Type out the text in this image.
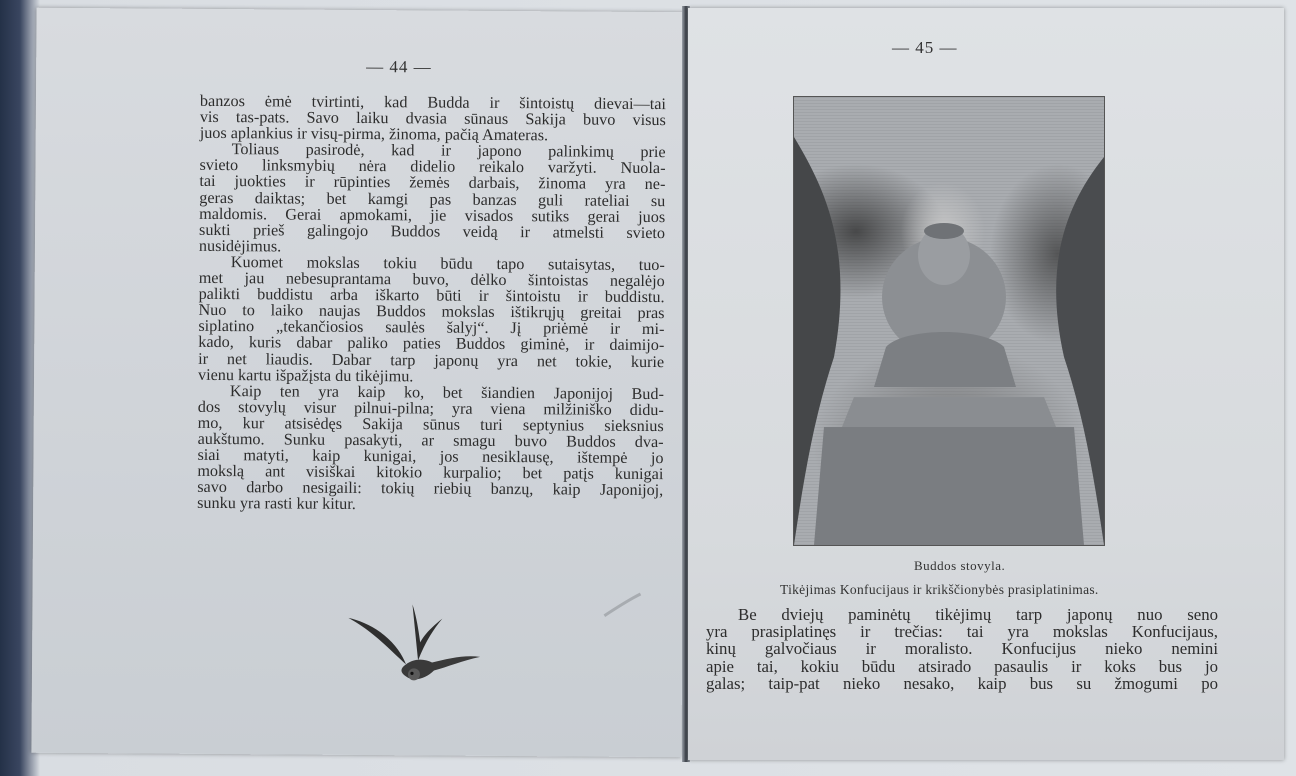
— 44 —
banzos ėmė tvirtinti, kad Budda ir šintoistų dievai—tai
vis tas-pats. Savo laiku dvasia sūnaus Sakija buvo visus
juos aplankius ir visų-pirma, žinoma, pačią Amateras.
Toliaus pasirodė, kad ir japono palinkimų prie
svieto linksmybių nėra didelio reikalo varžyti. Nuola-
tai juokties ir rūpinties žemės darbais, žinoma yra ne-
geras daiktas; bet kamgi pas banzas guli rateliai su
maldomis. Gerai apmokami, jie visados sutiks gerai juos
sukti prieš galingojo Buddos veidą ir atmelsti svieto
nusidėjimus.
Kuomet mokslas tokiu būdu tapo sutaisytas, tuo-
met jau nebesuprantama buvo, dėlko šintoistas negalėjo
palikti buddistu arba iškarto būti ir šintoistu ir buddistu.
Nuo to laiko naujas Buddos mokslas ištikrųjų greitai pras
siplatino „tekančiosios saulės šalyj“. Jį priėmė ir mi-
kado, kuris dabar paliko paties Buddos giminė, ir daimijo-
ir net liaudis. Dabar tarp japonų yra net tokie, kurie
vienu kartu išpažįsta du tikėjimu.
Kaip ten yra kaip ko, bet šiandien Japonijoj Bud-
dos stovylų visur pilnui-pilna; yra viena milžiniško didu-
mo, kur atsisėdęs Sakija sūnus turi septynius sieksnius
aukštumo. Sunku pasakyti, ar smagu buvo Buddos dva-
siai matyti, kaip kunigai, jos nesiklausę, ištempė jo
mokslą ant visiškai kitokio kurpalio; bet patįs kunigai
savo darbo nesigaili: tokių riebių banzų, kaip Japonijoj,
sunku yra rasti kur kitur.
— 45 —
Buddos stovyla.
Tikėjimas Konfucijaus ir krikščionybės prasiplatinimas.
Be dviejų paminėtų tikėjimų tarp japonų nuo seno
yra prasiplatinęs ir trečias: tai yra mokslas Konfucijaus,
kinų galvočiaus ir moralisto. Konfucijus nieko nemini
apie tai, kokiu būdu atsirado pasaulis ir koks bus jo
galas; taip-pat nieko nesako, kaip bus su žmogumi po
